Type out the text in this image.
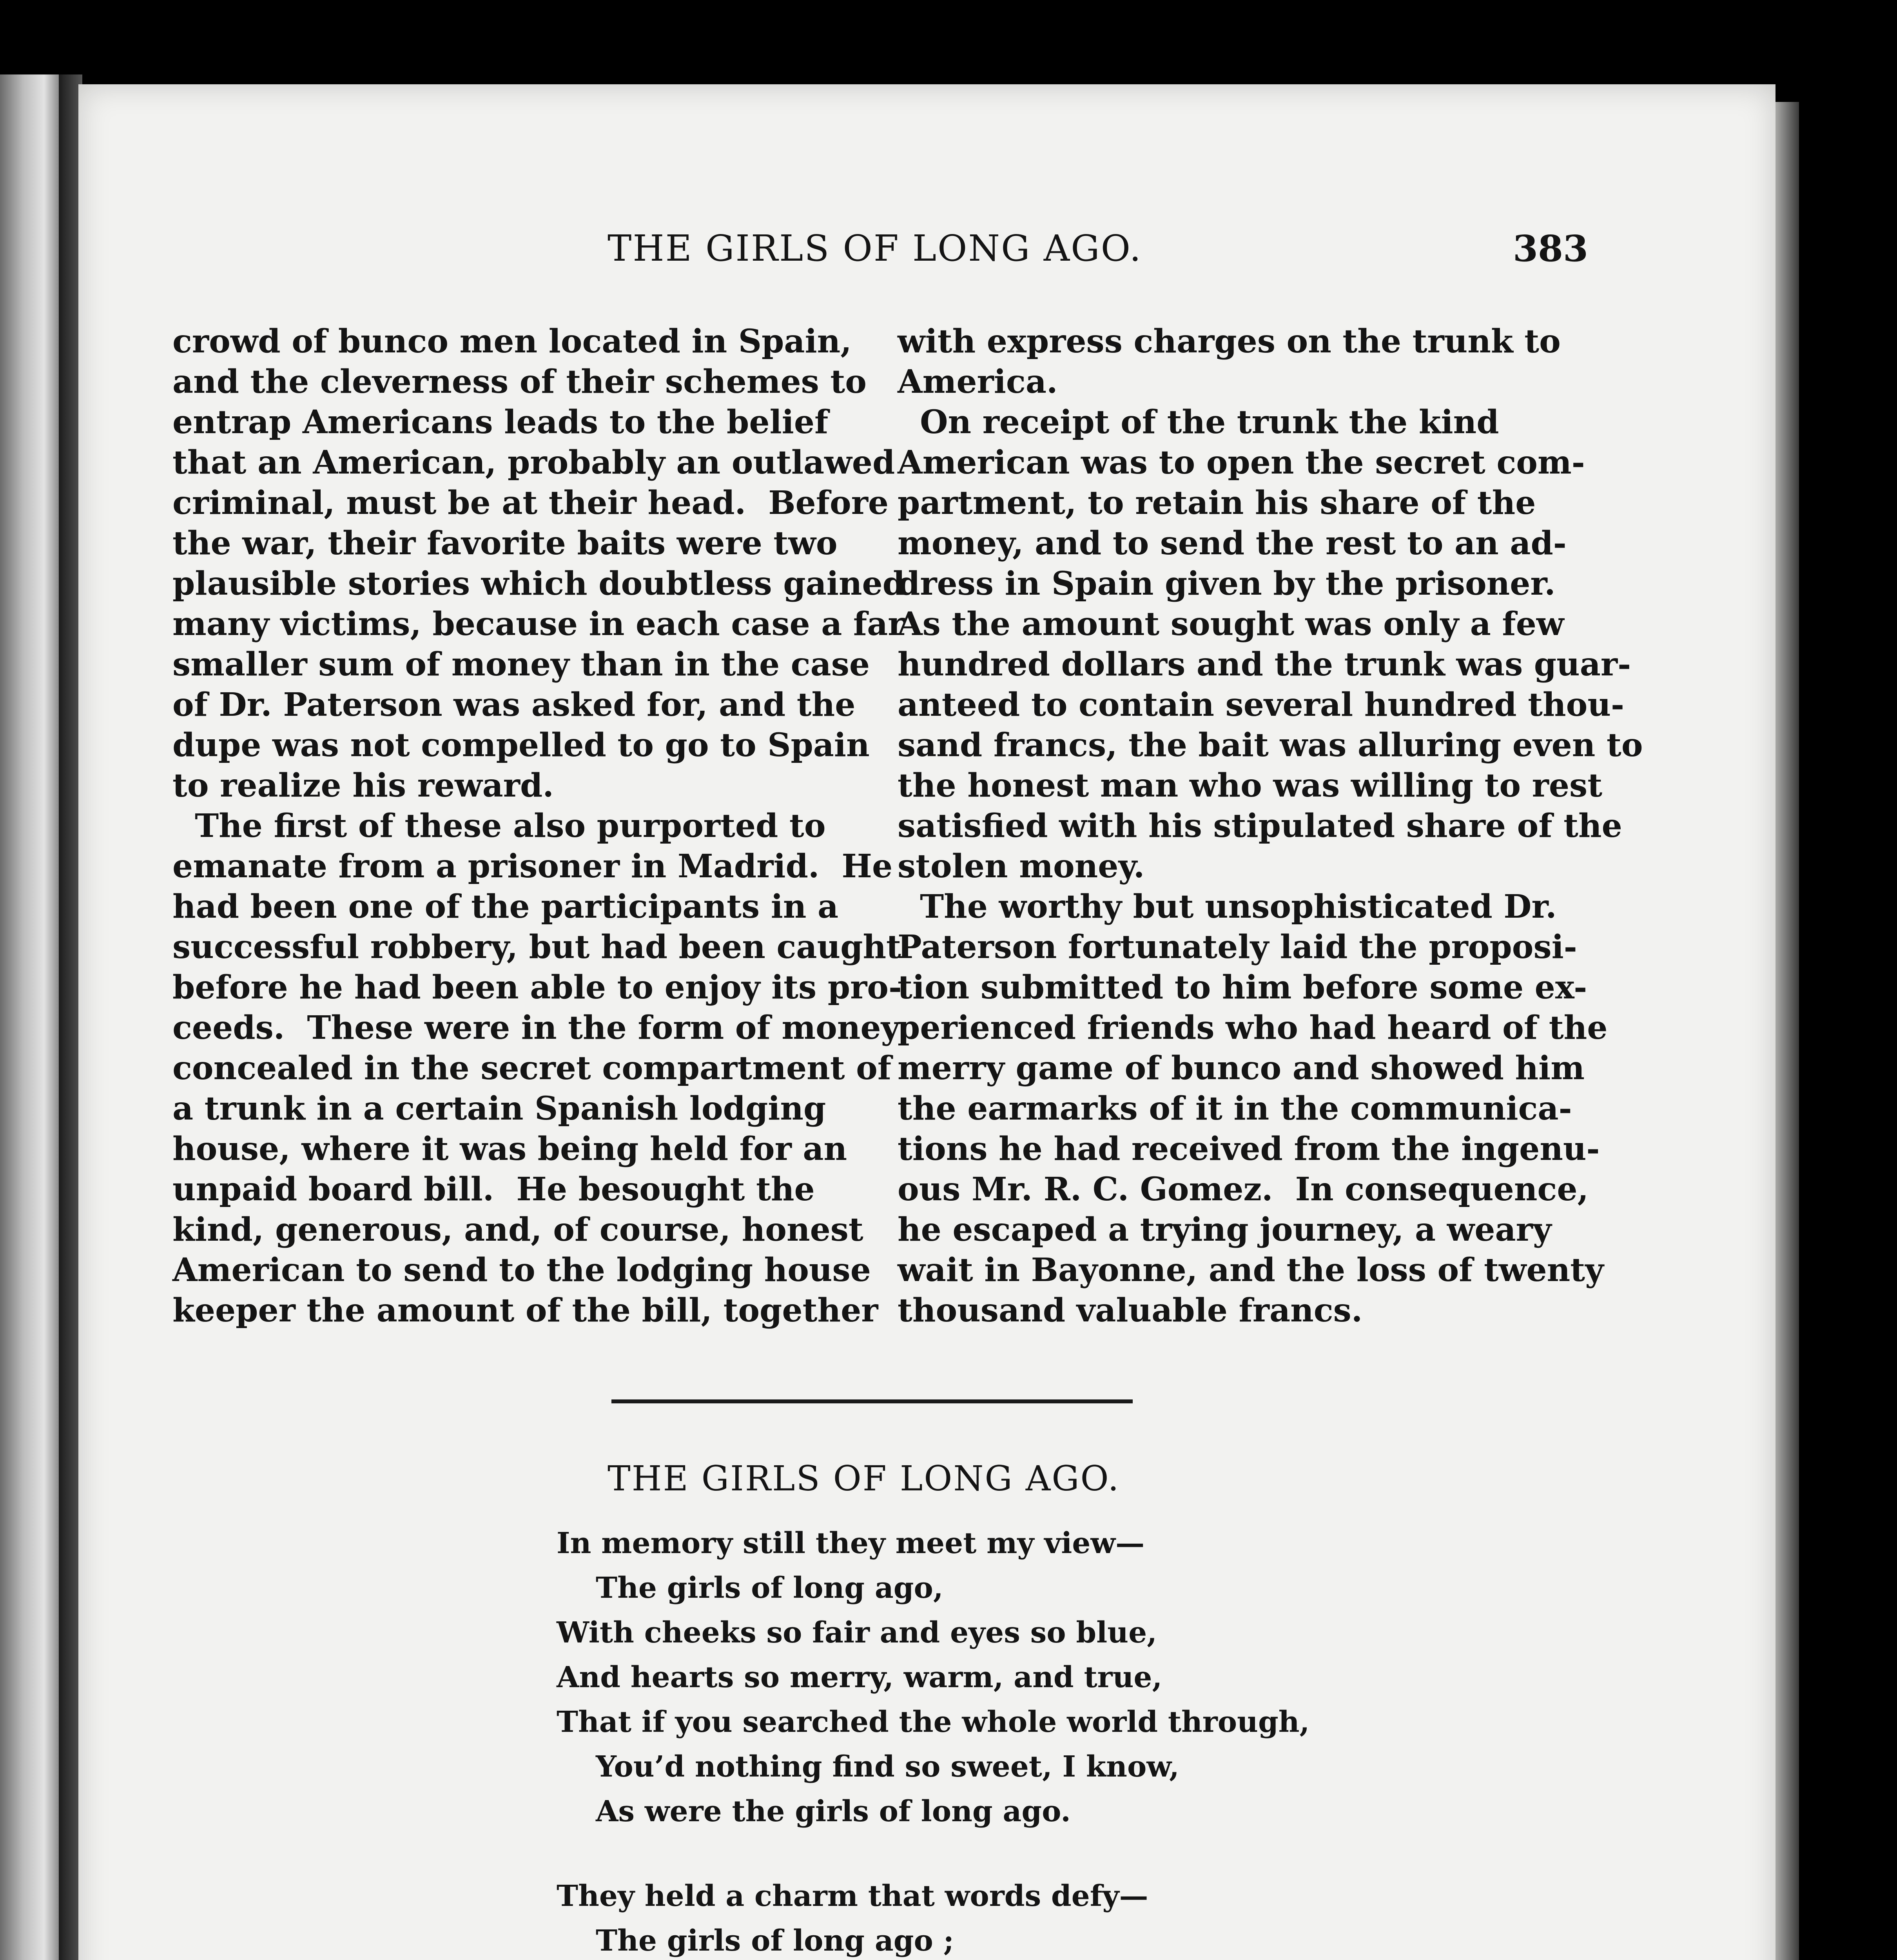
THE GIRLS OF LONG AGO.	383
crowd of bunco men located in Spain,
and the cleverness of their schemes to
entrap Americans leads to the belief
that an American, probably an outlawed
criminal, must be at their head.  Before
the war, their favorite baits were two
plausible stories which doubtless gained
many victims, because in each case a far
smaller sum of money than in the case
of Dr. Paterson was asked for, and the
dupe was not compelled to go to Spain
to realize his reward.
The first of these also purported to
emanate from a prisoner in Madrid.  He
had been one of the participants in a
successful robbery, but had been caught
before he had been able to enjoy its pro-
ceeds.  These were in the form of money
concealed in the secret compartment of
a trunk in a certain Spanish lodging
house, where it was being held for an
unpaid board bill.  He besought the
kind, generous, and, of course, honest
American to send to the lodging house
keeper the amount of the bill, together
with express charges on the trunk to
America.
On receipt of the trunk the kind
American was to open the secret com-
partment, to retain his share of the
money, and to send the rest to an ad-
dress in Spain given by the prisoner.
As the amount sought was only a few
hundred dollars and the trunk was guar-
anteed to contain several hundred thou-
sand francs, the bait was alluring even to
the honest man who was willing to rest
satisfied with his stipulated share of the
stolen money.
The worthy but unsophisticated Dr.
Paterson fortunately laid the proposi-
tion submitted to him before some ex-
perienced friends who had heard of the
merry game of bunco and showed him
the earmarks of it in the communica-
tions he had received from the ingenu-
ous Mr. R. C. Gomez.  In consequence,
he escaped a trying journey, a weary
wait in Bayonne, and the loss of twenty
thousand valuable francs.
THE GIRLS OF LONG AGO.
In memory still they meet my view—
The girls of long ago,
With cheeks so fair and eyes so blue,
And hearts so merry, warm, and true,
That if you searched the whole world through,
You’d nothing find so sweet, I know,
As were the girls of long ago.
They held a charm that words defy—
The girls of long ago ;
